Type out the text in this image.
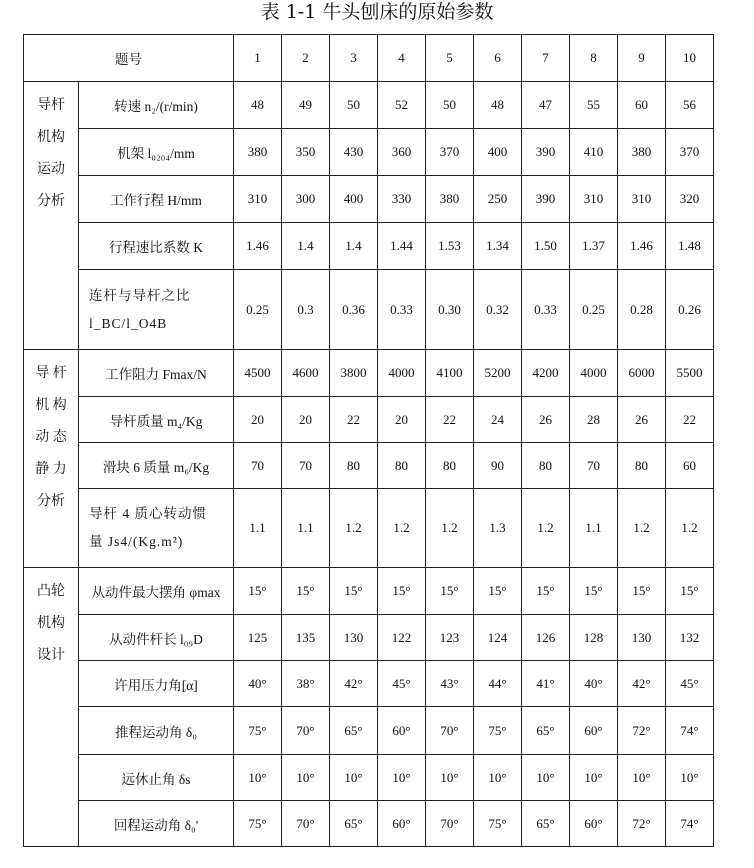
表 1-1 牛头刨床的原始参数
题号		1	2	3	4	5	6	7	8	9	10

导杆
机构
运动
分析	转速 n₂/(r/min)	48	49	50	52	50	48	47	55	60	56

	机架 l₀₂₀₄/mm	380	350	430	360	370	400	390	410	380	370

	工作行程 H/mm	310	300	400	330	380	250	390	310	310	320

	行程速比系数 K	1.46	1.4	1.4	1.44	1.53	1.34	1.50	1.37	1.46	1.48

	连杆与导杆之比
l_BC/l_O4B	0.25	0.3	0.36	0.33	0.30	0.32	0.33	0.25	0.28	0.26

导 杆
机 构
动 态
静 力
分析	工作阻力 Fmax/N	4500	4600	3800	4000	4100	5200	4200	4000	6000	5500

	导杆质量 m₄/Kg	20	20	22	20	22	24	26	28	26	22

	滑块 6 质量 m₆/Kg	70	70	80	80	80	90	80	70	80	60

	导杆 4 质心转动惯
量 Js4/(Kg.m²)	1.1	1.1	1.2	1.2	1.2	1.3	1.2	1.1	1.2	1.2

凸轮
机构
设计	从动件最大摆角 φmax	15°	15°	15°	15°	15°	15°	15°	15°	15°	15°

	从动件杆长 l₀₉D	125	135	130	122	123	124	126	128	130	132

	许用压力角[α]	40°	38°	42°	45°	43°	44°	41°	40°	42°	45°

	推程运动角 δ₀	75°	70°	65°	60°	70°	75°	65°	60°	72°	74°

	远休止角 δs	10°	10°	10°	10°	10°	10°	10°	10°	10°	10°

	回程运动角 δ₀'	75°	70°	65°	60°	70°	75°	65°	60°	72°	74°
